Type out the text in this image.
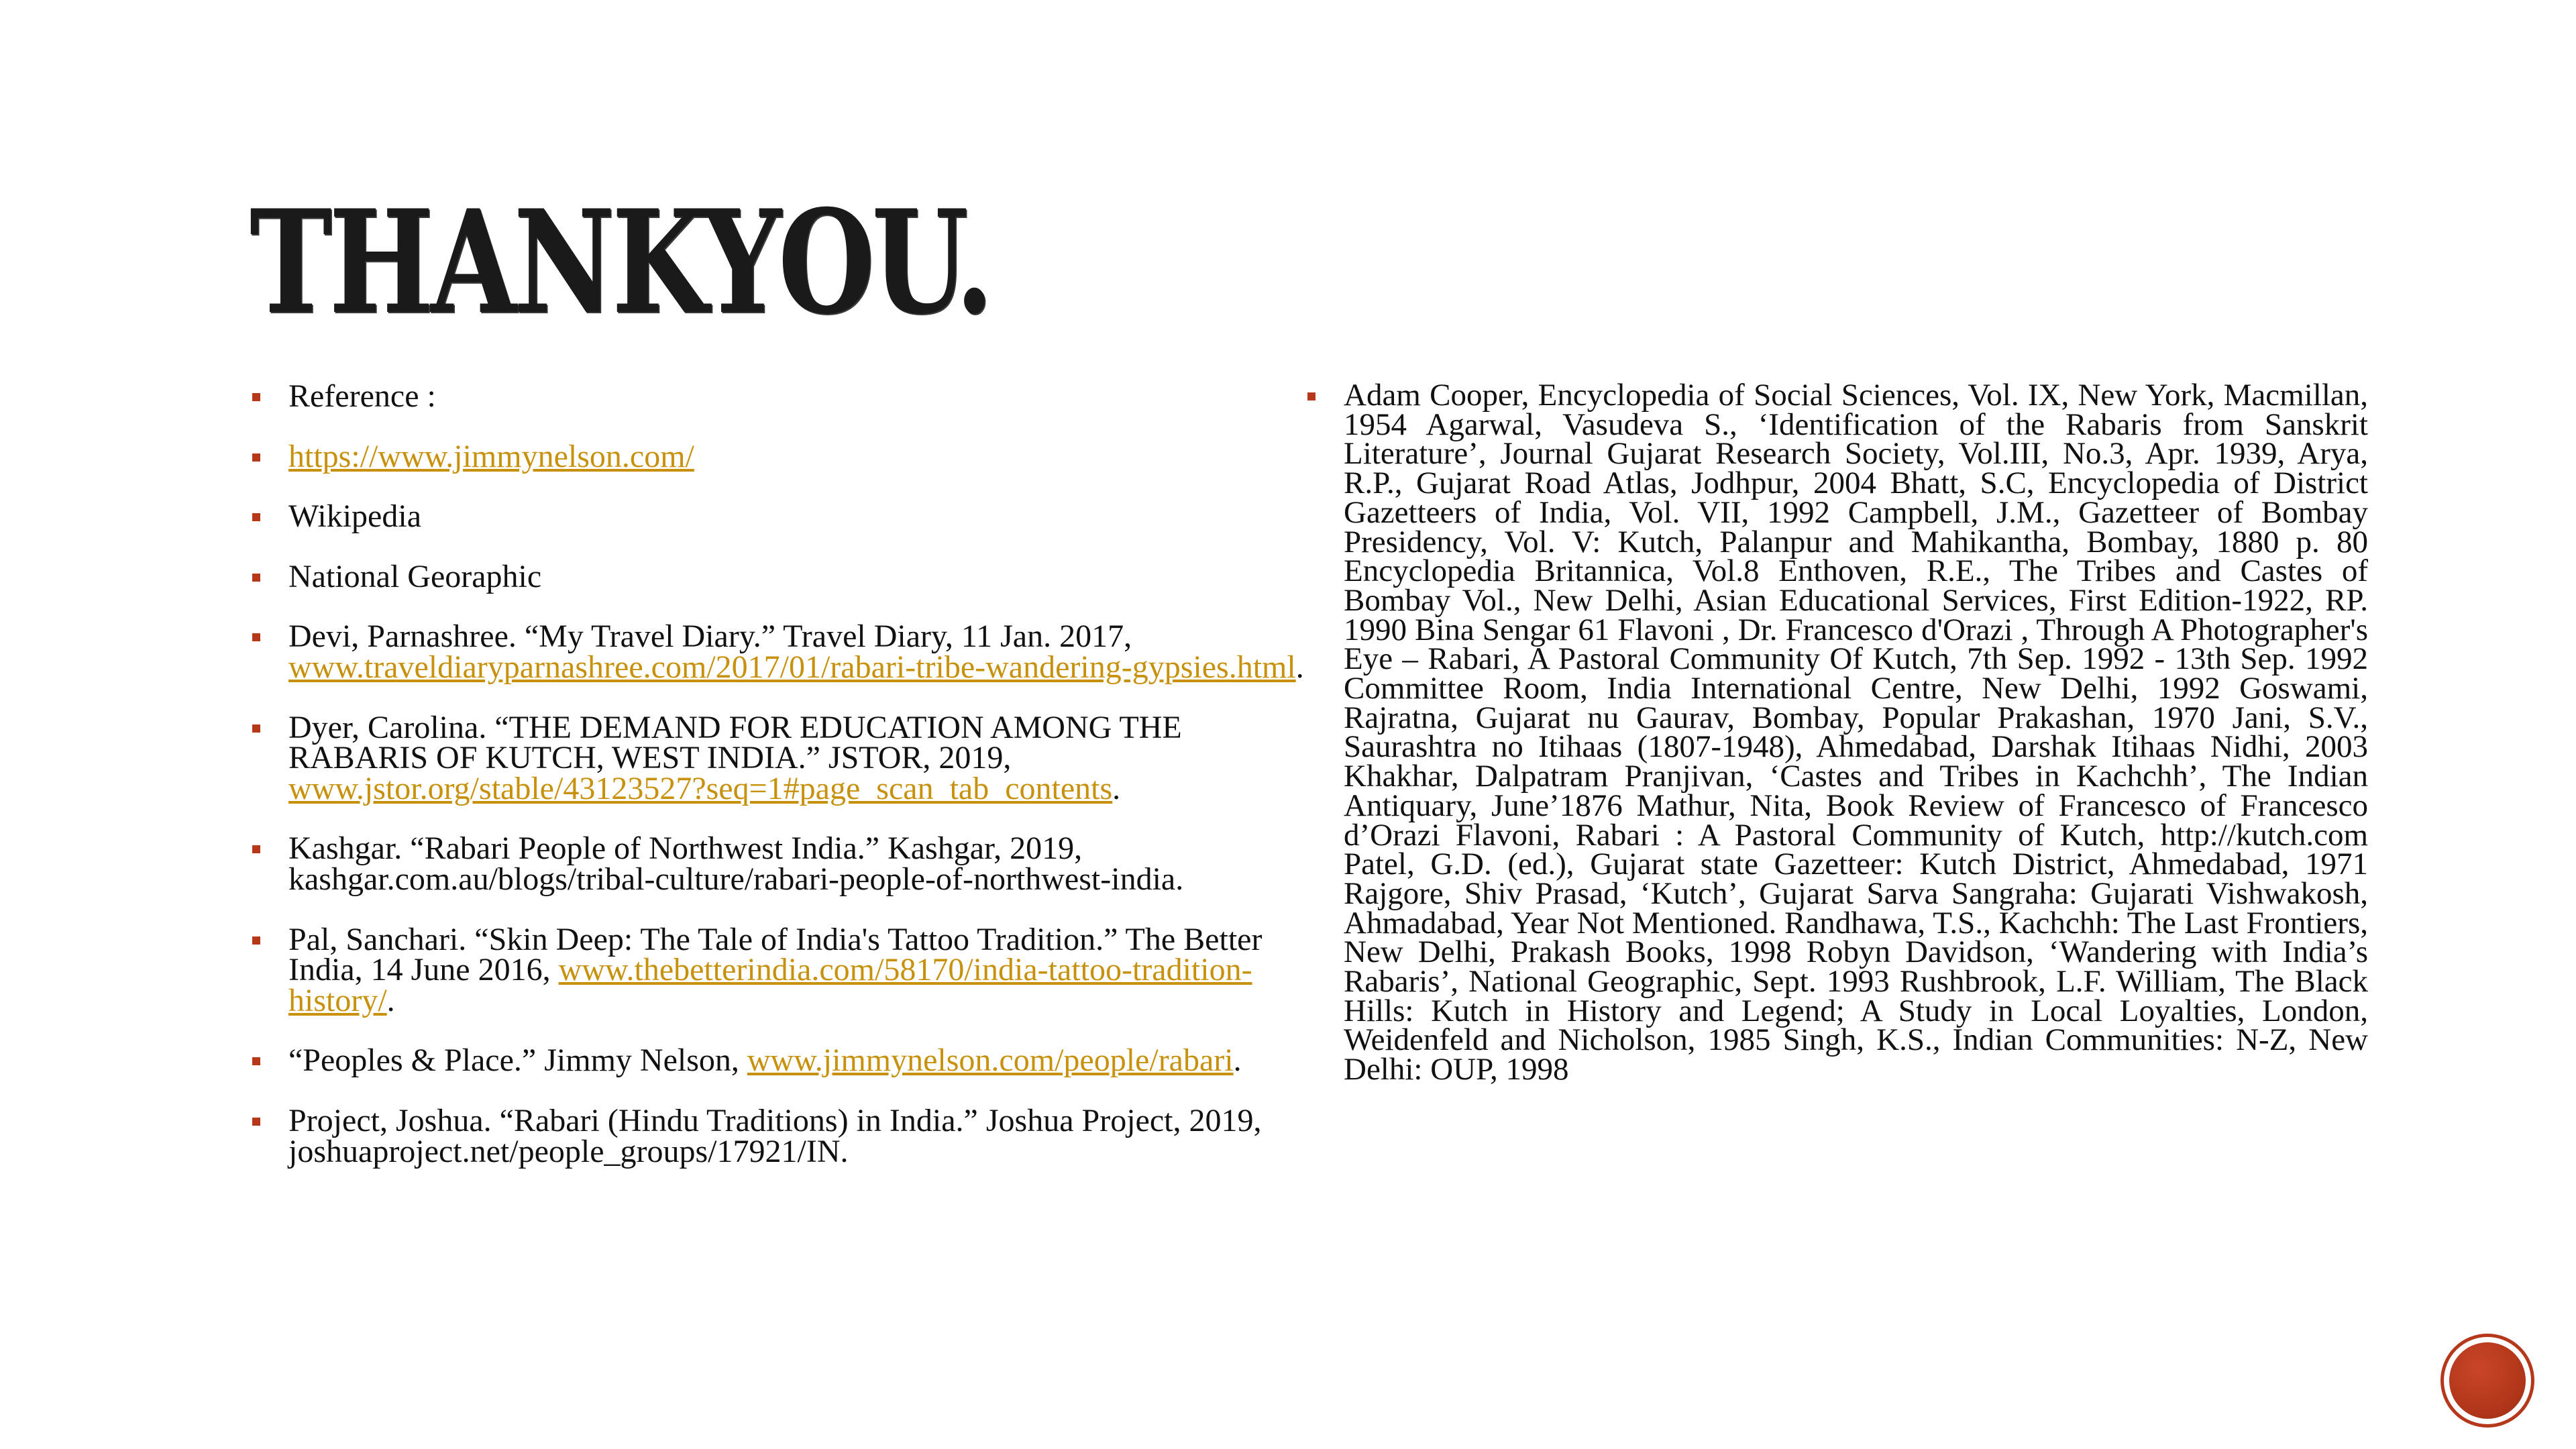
THANKYOU.
Reference :
https://www.jimmynelson.com/
Wikipedia
National Georaphic
Devi, Parnashree. “My Travel Diary.” Travel Diary, 11 Jan. 2017, www.traveldiaryparnashree.com/2017/01/rabari-tribe-wandering-gypsies.html.
Dyer, Carolina. “THE DEMAND FOR EDUCATION AMONG THE RABARIS OF KUTCH, WEST INDIA.” JSTOR, 2019, www.jstor.org/stable/43123527?seq=1#page_scan_tab_contents.
Kashgar. “Rabari People of Northwest India.” Kashgar, 2019, kashgar.com.au/blogs/tribal-culture/rabari-people-of-northwest-india.
Pal, Sanchari. “Skin Deep: The Tale of India's Tattoo Tradition.” The Better India, 14 June 2016, www.thebetterindia.com/58170/india-tattoo-tradition-history/.
“Peoples & Place.” Jimmy Nelson, www.jimmynelson.com/people/rabari.
Project, Joshua. “Rabari (Hindu Traditions) in India.” Joshua Project, 2019, joshuaproject.net/people_groups/17921/IN.
Adam Cooper, Encyclopedia of Social Sciences, Vol. IX, New York, Macmillan, 1954 Agarwal, Vasudeva S., ‘Identification of the Rabaris from Sanskrit Literature’, Journal Gujarat Research Society, Vol.III, No.3, Apr. 1939, Arya, R.P., Gujarat Road Atlas, Jodhpur, 2004 Bhatt, S.C, Encyclopedia of District Gazetteers of India, Vol. VII, 1992 Campbell, J.M., Gazetteer of Bombay Presidency, Vol. V: Kutch, Palanpur and Mahikantha, Bombay, 1880 p. 80 Encyclopedia Britannica, Vol.8 Enthoven, R.E., The Tribes and Castes of Bombay Vol., New Delhi, Asian Educational Services, First Edition-1922, RP. 1990 Bina Sengar 61 Flavoni , Dr. Francesco d'Orazi , Through A Photographer's Eye – Rabari, A Pastoral Community Of Kutch, 7th Sep. 1992 - 13th Sep. 1992 Committee Room, India International Centre, New Delhi, 1992 Goswami, Rajratna, Gujarat nu Gaurav, Bombay, Popular Prakashan, 1970 Jani, S.V., Saurashtra no Itihaas (1807-1948), Ahmedabad, Darshak Itihaas Nidhi, 2003 Khakhar, Dalpatram Pranjivan, ‘Castes and Tribes in Kachchh’, The Indian Antiquary, June’1876 Mathur, Nita, Book Review of Francesco of Francesco d’Orazi Flavoni, Rabari : A Pastoral Community of Kutch, http://kutch.com Patel, G.D. (ed.), Gujarat state Gazetteer: Kutch District, Ahmedabad, 1971 Rajgore, Shiv Prasad, ‘Kutch’, Gujarat Sarva Sangraha: Gujarati Vishwakosh, Ahmadabad, Year Not Mentioned. Randhawa, T.S., Kachchh: The Last Frontiers, New Delhi, Prakash Books, 1998 Robyn Davidson, ‘Wandering with India’s Rabaris’, National Geographic, Sept. 1993 Rushbrook, L.F. William, The Black Hills: Kutch in History and Legend; A Study in Local Loyalties, London, Weidenfeld and Nicholson, 1985 Singh, K.S., Indian Communities: N-Z, New Delhi: OUP, 1998
